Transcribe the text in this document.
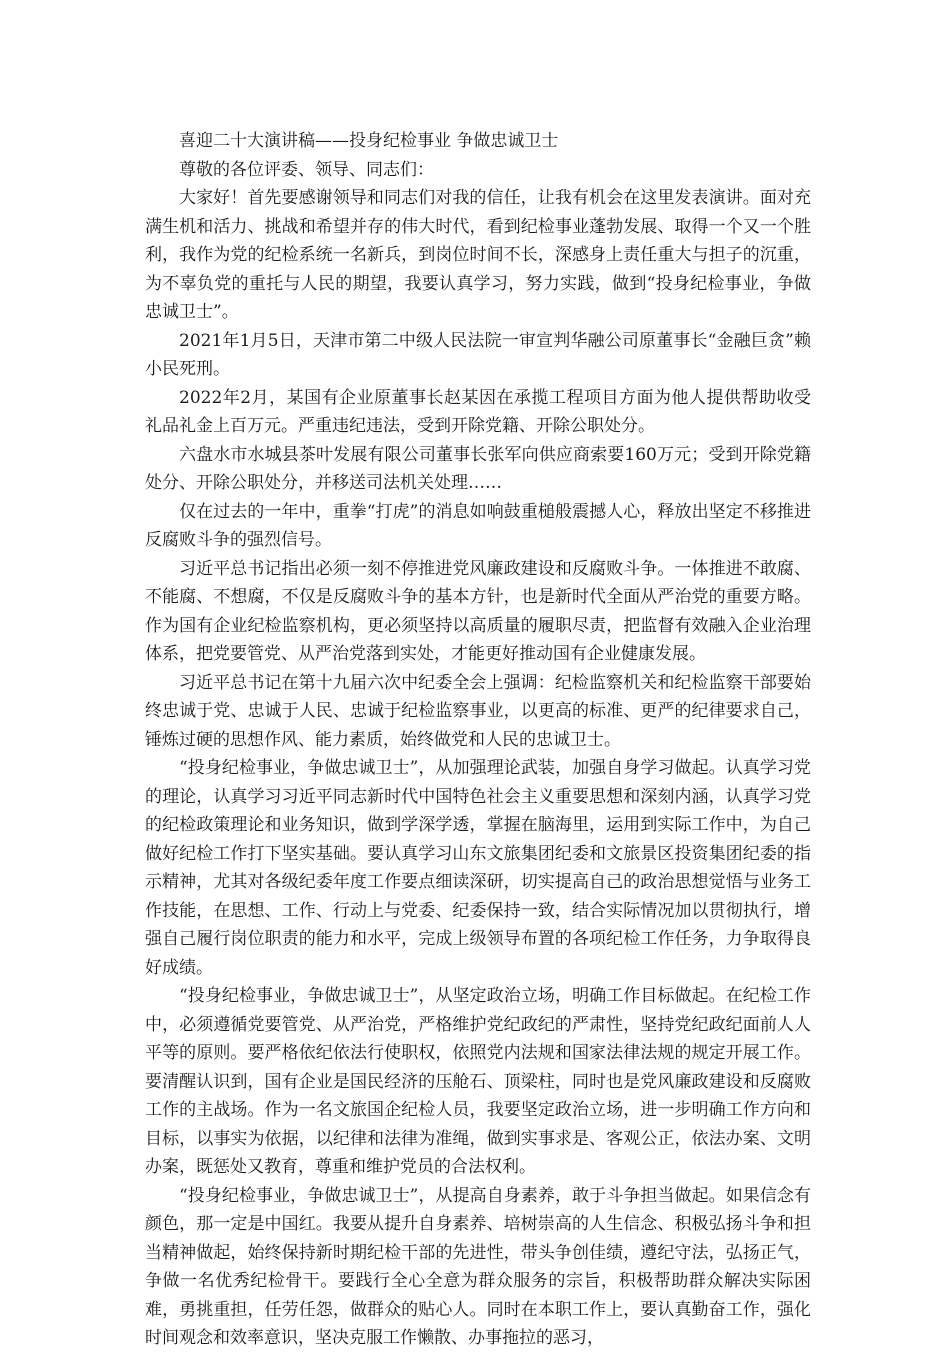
喜迎二十大演讲稿——投身纪检事业 争做忠诚卫士

尊敬的各位评委、领导、同志们：

大家好！首先要感谢领导和同志们对我的信任，让我有机会在这里发表演讲。面对充满生机和活力、挑战和希望并存的伟大时代，看到纪检事业蓬勃发展、取得一个又一个胜利，我作为党的纪检系统一名新兵，到岗位时间不长，深感身上责任重大与担子的沉重，为不辜负党的重托与人民的期望，我要认真学习，努力实践，做到“投身纪检事业，争做忠诚卫士”。

2021年1月5日，天津市第二中级人民法院一审宣判华融公司原董事长“金融巨贪”赖小民死刑。

2022年2月，某国有企业原董事长赵某因在承揽工程项目方面为他人提供帮助收受礼品礼金上百万元。严重违纪违法，受到开除党籍、开除公职处分。

六盘水市水城县茶叶发展有限公司董事长张军向供应商索要160万元；受到开除党籍处分、开除公职处分，并移送司法机关处理……

仅在过去的一年中，重拳“打虎”的消息如响鼓重槌般震撼人心，释放出坚定不移推进反腐败斗争的强烈信号。

习近平总书记指出必须一刻不停推进党风廉政建设和反腐败斗争。一体推进不敢腐、不能腐、不想腐，不仅是反腐败斗争的基本方针，也是新时代全面从严治党的重要方略。作为国有企业纪检监察机构，更必须坚持以高质量的履职尽责，把监督有效融入企业治理体系，把党要管党、从严治党落到实处，才能更好推动国有企业健康发展。

习近平总书记在第十九届六次中纪委全会上强调：纪检监察机关和纪检监察干部要始终忠诚于党、忠诚于人民、忠诚于纪检监察事业，以更高的标准、更严的纪律要求自己，锤炼过硬的思想作风、能力素质，始终做党和人民的忠诚卫士。

“投身纪检事业，争做忠诚卫士”，从加强理论武装，加强自身学习做起。认真学习党的理论，认真学习习近平同志新时代中国特色社会主义重要思想和深刻内涵，认真学习党的纪检政策理论和业务知识，做到学深学透，掌握在脑海里，运用到实际工作中，为自己做好纪检工作打下坚实基础。要认真学习山东文旅集团纪委和文旅景区投资集团纪委的指示精神，尤其对各级纪委年度工作要点细读深研，切实提高自己的政治思想觉悟与业务工作技能，在思想、工作、行动上与党委、纪委保持一致，结合实际情况加以贯彻执行，增强自己履行岗位职责的能力和水平，完成上级领导布置的各项纪检工作任务，力争取得良好成绩。

“投身纪检事业，争做忠诚卫士”，从坚定政治立场，明确工作目标做起。在纪检工作中，必须遵循党要管党、从严治党，严格维护党纪政纪的严肃性，坚持党纪政纪面前人人平等的原则。要严格依纪依法行使职权，依照党内法规和国家法律法规的规定开展工作。要清醒认识到，国有企业是国民经济的压舱石、顶梁柱，同时也是党风廉政建设和反腐败工作的主战场。作为一名文旅国企纪检人员，我要坚定政治立场，进一步明确工作方向和目标，以事实为依据，以纪律和法律为准绳，做到实事求是、客观公正，依法办案、文明办案，既惩处又教育，尊重和维护党员的合法权利。

“投身纪检事业，争做忠诚卫士”，从提高自身素养，敢于斗争担当做起。如果信念有颜色，那一定是中国红。我要从提升自身素养、培树崇高的人生信念、积极弘扬斗争和担当精神做起，始终保持新时期纪检干部的先进性，带头争创佳绩，遵纪守法，弘扬正气，争做一名优秀纪检骨干。要践行全心全意为群众服务的宗旨，积极帮助群众解决实际困难，勇挑重担，任劳任怨，做群众的贴心人。同时在本职工作上，要认真勤奋工作，强化时间观念和效率意识，坚决克服工作懒散、办事拖拉的恶习，
